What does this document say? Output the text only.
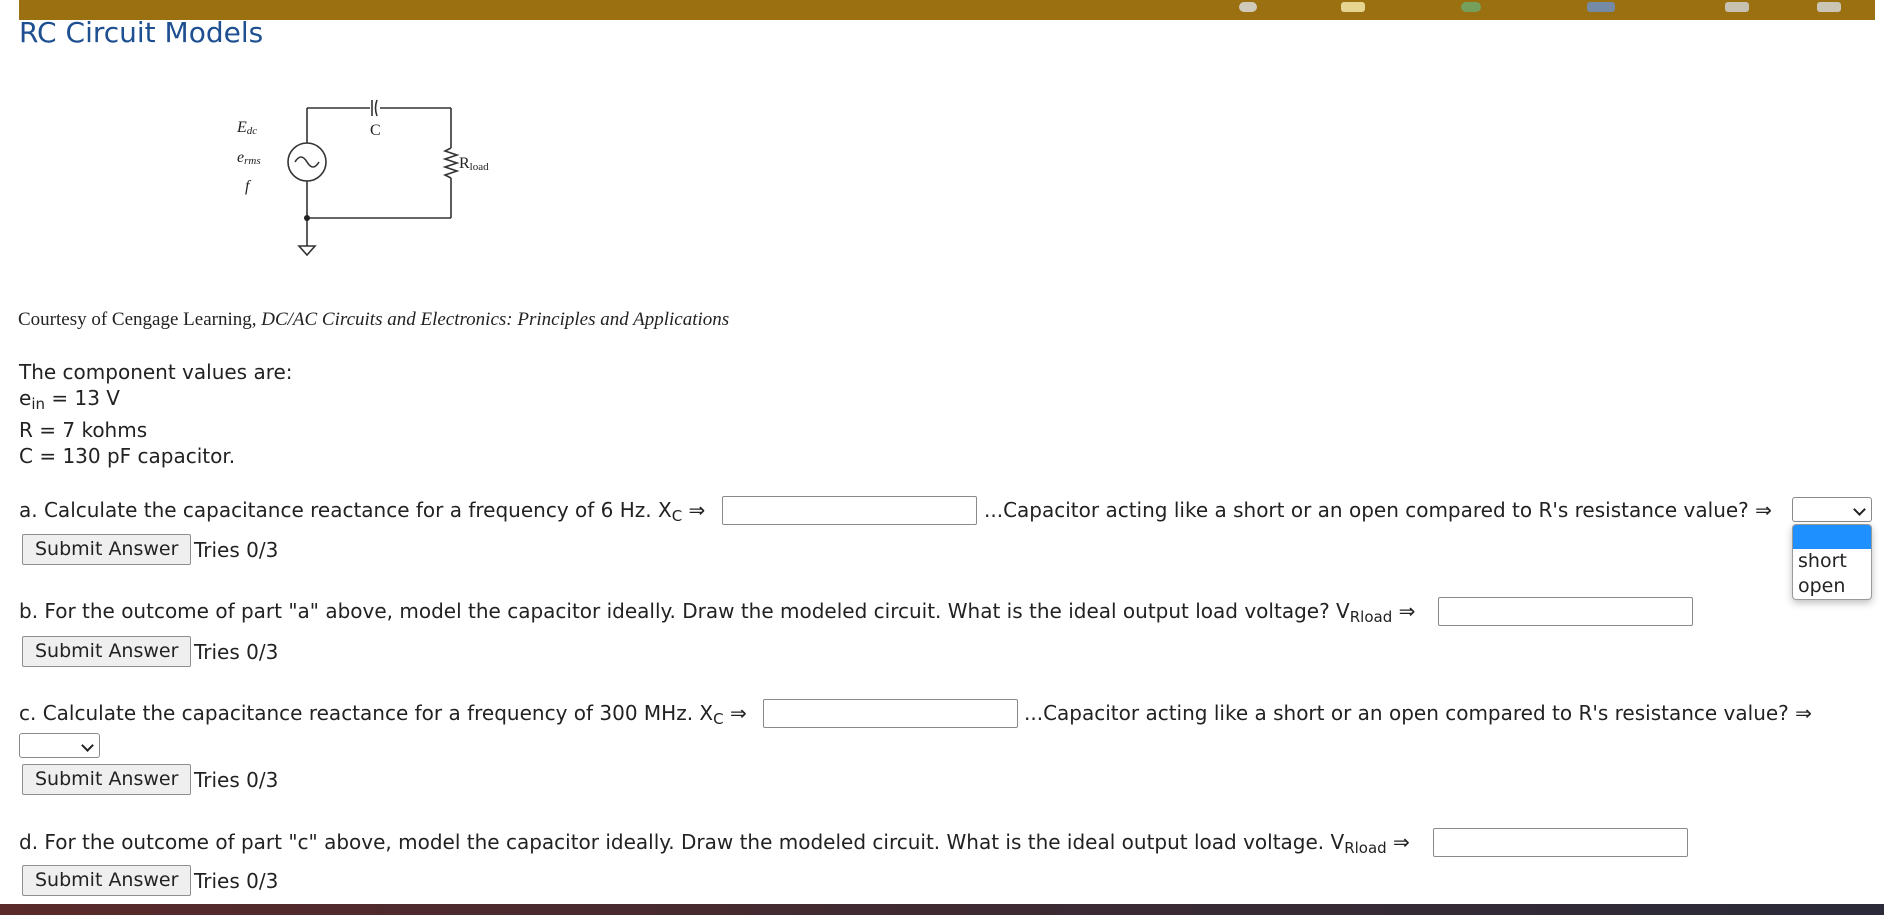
RC Circuit Models
Edc
erms
f
C
Rload
Courtesy of Cengage Learning, DC/AC Circuits and Electronics: Principles and Applications
The component values are:
$e_{in} = 13$ V
R = 7 kohms
C = 130 pF capacitor.
a. Calculate the capacitance reactance for a frequency of 6 Hz. $X_C$ ⇒	...Capacitor acting like a short or an open compared to R's resistance value? ⇒
Submit Answer Tries 0/3	short
open
b. For the outcome of part "a" above, model the capacitor ideally. Draw the modeled circuit. What is the ideal output load voltage? $V_{Rload}$ ⇒
Submit Answer Tries 0/3
c. Calculate the capacitance reactance for a frequency of 300 MHz. $X_C$ ⇒	...Capacitor acting like a short or an open compared to R's resistance value? ⇒
Submit Answer Tries 0/3
d. For the outcome of part "c" above, model the capacitor ideally. Draw the modeled circuit. What is the ideal output load voltage. $V_{Rload}$ ⇒
Submit Answer Tries 0/3
